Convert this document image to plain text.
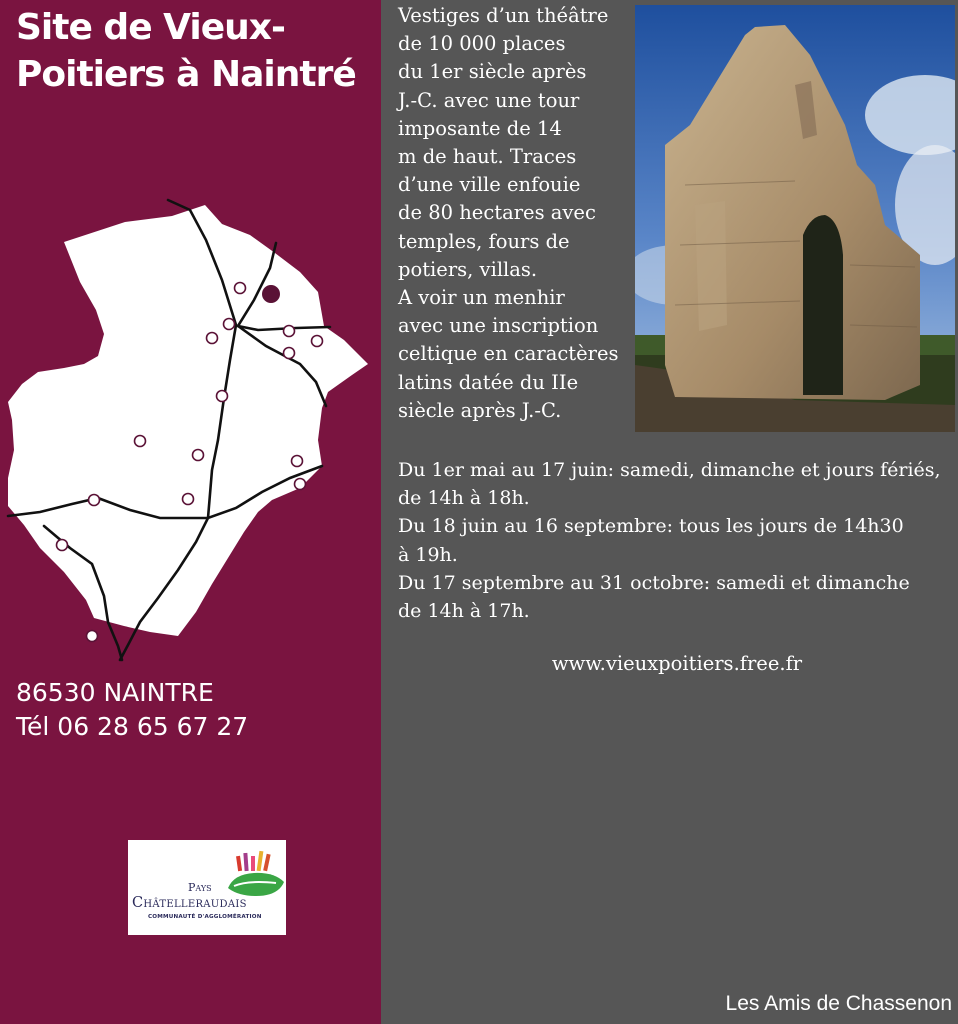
Site de Vieux-
Poitiers à Naintré
86530 NAINTRE
Tél 06 28 65 67 27
Pays
Châtelleraudais
COMMUNAUTÉ D'AGGLOMÉRATION
Vestiges d’un théâtre
de 10 000 places
du 1er siècle après
J.-C. avec une tour
imposante de 14
m de haut. Traces
d’une ville enfouie
de 80 hectares avec
temples, fours de
potiers, villas.
A voir un menhir
avec une inscription
celtique en caractères
latins datée du IIe
siècle après J.-C.
Du 1er mai au 17 juin: samedi, dimanche et jours fériés,
de 14h à 18h.
Du 18 juin au 16 septembre: tous les jours de 14h30
à 19h.
Du 17 septembre au 31 octobre: samedi et dimanche
de 14h à 17h.
www.vieuxpoitiers.free.fr
Les Amis de Chassenon
